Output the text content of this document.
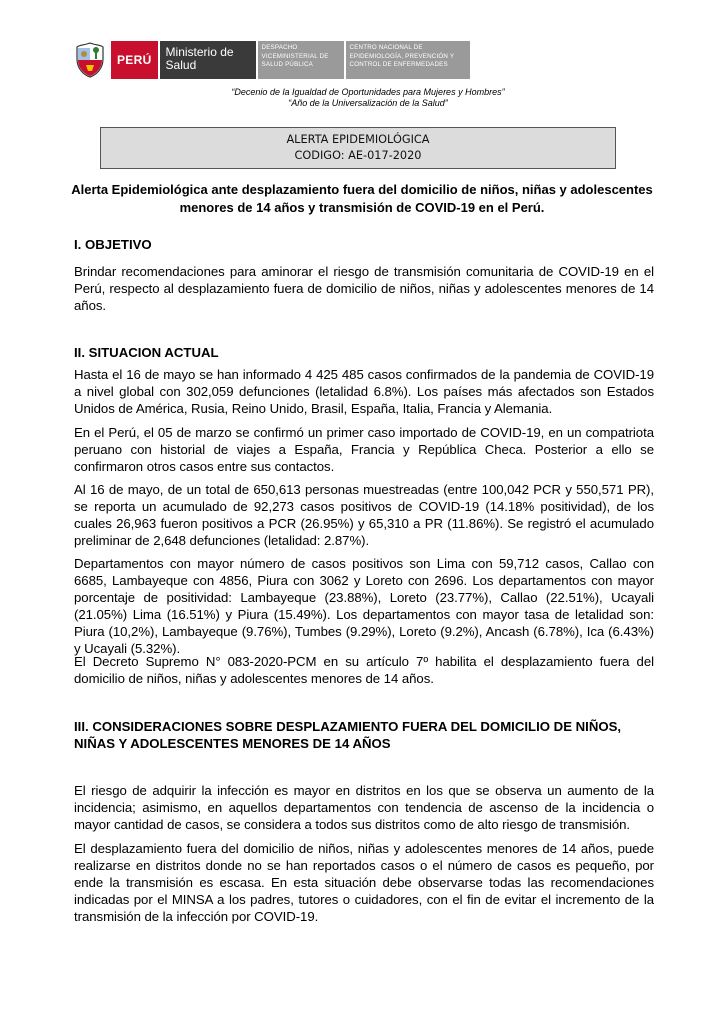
PERÚ
Ministerio de Salud
DESPACHO VICEMINISTERIAL DE SALUD PÚBLICA
CENTRO NACIONAL DE EPIDEMIOLOGÍA, PREVENCIÓN Y CONTROL DE ENFERMEDADES
“Decenio de la Igualdad de Oportunidades para Mujeres y Hombres”
“Año de la Universalización de la Salud”
ALERTA EPIDEMIOLÓGICA
CODIGO: AE-017-2020
Alerta Epidemiológica ante desplazamiento fuera del domicilio de niños, niñas y adolescentes menores de 14 años y transmisión de COVID-19 en el Perú.
I. OBJETIVO
Brindar recomendaciones para aminorar el riesgo de transmisión comunitaria de COVID-19 en el Perú, respecto al desplazamiento fuera de domicilio de niños, niñas y adolescentes menores de 14 años.
II. SITUACION ACTUAL
Hasta el 16 de mayo se han informado 4 425 485 casos confirmados de la pandemia de COVID-19 a nivel global con 302,059 defunciones (letalidad 6.8%). Los países más afectados son Estados Unidos de América, Rusia, Reino Unido, Brasil, España, Italia, Francia y Alemania.
En el Perú, el 05 de marzo se confirmó un primer caso importado de COVID-19, en un compatriota peruano con historial de viajes a España, Francia y República Checa. Posterior a ello se confirmaron otros casos entre sus contactos.
Al 16 de mayo, de un total de 650,613 personas muestreadas (entre 100,042 PCR y 550,571 PR), se reporta un acumulado de 92,273 casos positivos de COVID-19 (14.18% positividad), de los cuales 26,963 fueron positivos a PCR (26.95%) y 65,310 a PR (11.86%). Se registró el acumulado preliminar de 2,648 defunciones (letalidad: 2.87%).
Departamentos con mayor número de casos positivos son Lima con 59,712 casos, Callao con 6685, Lambayeque con 4856, Piura con 3062 y Loreto con 2696. Los departamentos con mayor porcentaje de positividad: Lambayeque (23.88%), Loreto (23.77%), Callao (22.51%), Ucayali (21.05%) Lima (16.51%) y Piura (15.49%). Los departamentos con mayor tasa de letalidad son: Piura (10,2%), Lambayeque (9.76%), Tumbes (9.29%), Loreto (9.2%), Ancash (6.78%), Ica (6.43%) y Ucayali (5.32%).
El Decreto Supremo N° 083-2020-PCM en su artículo 7º habilita el desplazamiento fuera del domicilio de niños, niñas y adolescentes menores de 14 años.
III. CONSIDERACIONES SOBRE DESPLAZAMIENTO FUERA DEL DOMICILIO DE NIÑOS, NIÑAS Y ADOLESCENTES MENORES DE 14 AÑOS
El riesgo de adquirir la infección es mayor en distritos en los que se observa un aumento de la incidencia; asimismo, en aquellos departamentos con tendencia de ascenso de la incidencia o mayor cantidad de casos, se considera a todos sus distritos como de alto riesgo de transmisión.
El desplazamiento fuera del domicilio de niños, niñas y adolescentes menores de 14 años, puede realizarse en distritos donde no se han reportados casos o el número de casos es pequeño, por ende la transmisión es escasa. En esta situación debe observarse todas las recomendaciones indicadas por el MINSA a los padres, tutores o cuidadores, con el fin de evitar el incremento de la transmisión de la infección por COVID-19.
